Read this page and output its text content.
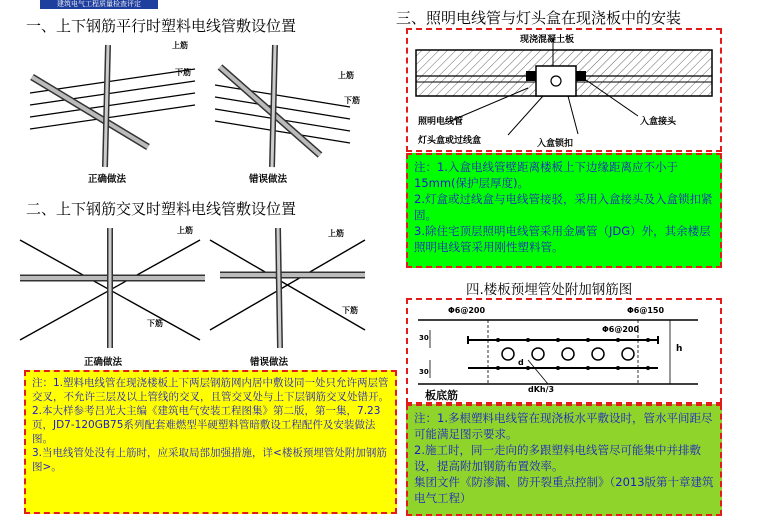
建筑电气工程质量检查评定
一、上下钢筋平行时塑料电线管敷设位置
上筋
下筋	上筋
下筋
正确做法	错误做法
二、上下钢筋交叉时塑料电线管敷设位置
上筋
下筋
上筋
下筋
正确做法	错误做法

注：1.塑料电线管在现浇楼板上下两层钢筋网内居中敷设同一处只允许两层管交叉，不允许三层及以上管线的交叉，且管交叉处与上下层钢筋交叉处错开。

2.本大样参考吕光大主编《建筑电气安装工程图集》第二版，第一集，7.23页，JD7-120GB75系列配套难燃型半硬塑料管暗敷设工程配件及安装做法图。

3.当电线管处没有上筋时，应采取局部加强措施，详<楼板预埋管处附加钢筋图>。

三、照明电线管与灯头盒在现浇板中的安装
现浇混凝土板
照明电线管
灯头盒或过线盒
入盒接头
入盒锁扣

注：1.入盒电线管壁距离楼板上下边缘距离应不小于15mm(保护层厚度)。

2.灯盒或过线盒与电线管接驳，采用入盒接头及入盒锁扣紧固。

3.除住宅顶层照明电线管采用金属管（JDG）外，其余楼层照明电线管采用刚性塑料管。

四.楼板预埋管处附加钢筋图
Φ6@200	Φ6@150
Φ6@200
30
30
h
d
dKh/3
板底筋

注：1.多根塑料电线管在现浇板水平敷设时，管水平间距尽可能满足图示要求。

2.施工时，同一走向的多跟塑料电线管尽可能集中并排敷设，提高附加钢筋布置效率。

集团文件《防渗漏、防开裂重点控制》（2013版第十章建筑电气工程）
